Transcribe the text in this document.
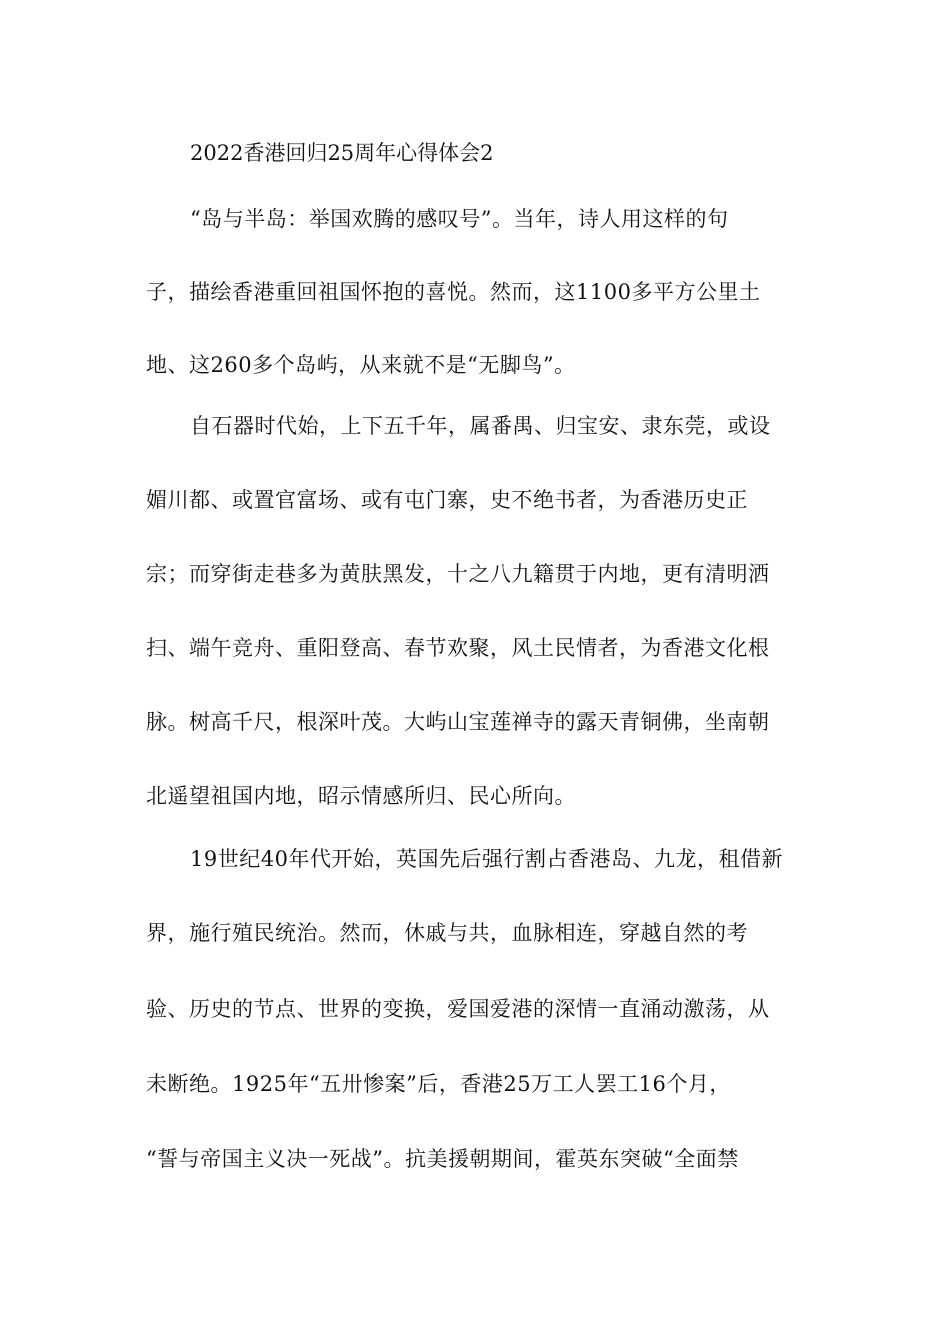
2022香港回归25周年心得体会2
“岛与半岛：举国欢腾的感叹号”。当年，诗人用这样的句
子，描绘香港重回祖国怀抱的喜悦。然而，这1100多平方公里土
地、这260多个岛屿，从来就不是“无脚鸟”。
自石器时代始，上下五千年，属番禺、归宝安、隶东莞，或设
媚川都、或置官富场、或有屯门寨，史不绝书者，为香港历史正
宗；而穿街走巷多为黄肤黑发，十之八九籍贯于内地，更有清明洒
扫、端午竞舟、重阳登高、春节欢聚，风土民情者，为香港文化根
脉。树高千尺，根深叶茂。大屿山宝莲禅寺的露天青铜佛，坐南朝
北遥望祖国内地，昭示情感所归、民心所向。
19世纪40年代开始，英国先后强行割占香港岛、九龙，租借新
界，施行殖民统治。然而，休戚与共，血脉相连，穿越自然的考
验、历史的节点、世界的变换，爱国爱港的深情一直涌动激荡，从
未断绝。1925年“五卅惨案”后，香港25万工人罢工16个月，
“誓与帝国主义决一死战”。抗美援朝期间，霍英东突破“全面禁
